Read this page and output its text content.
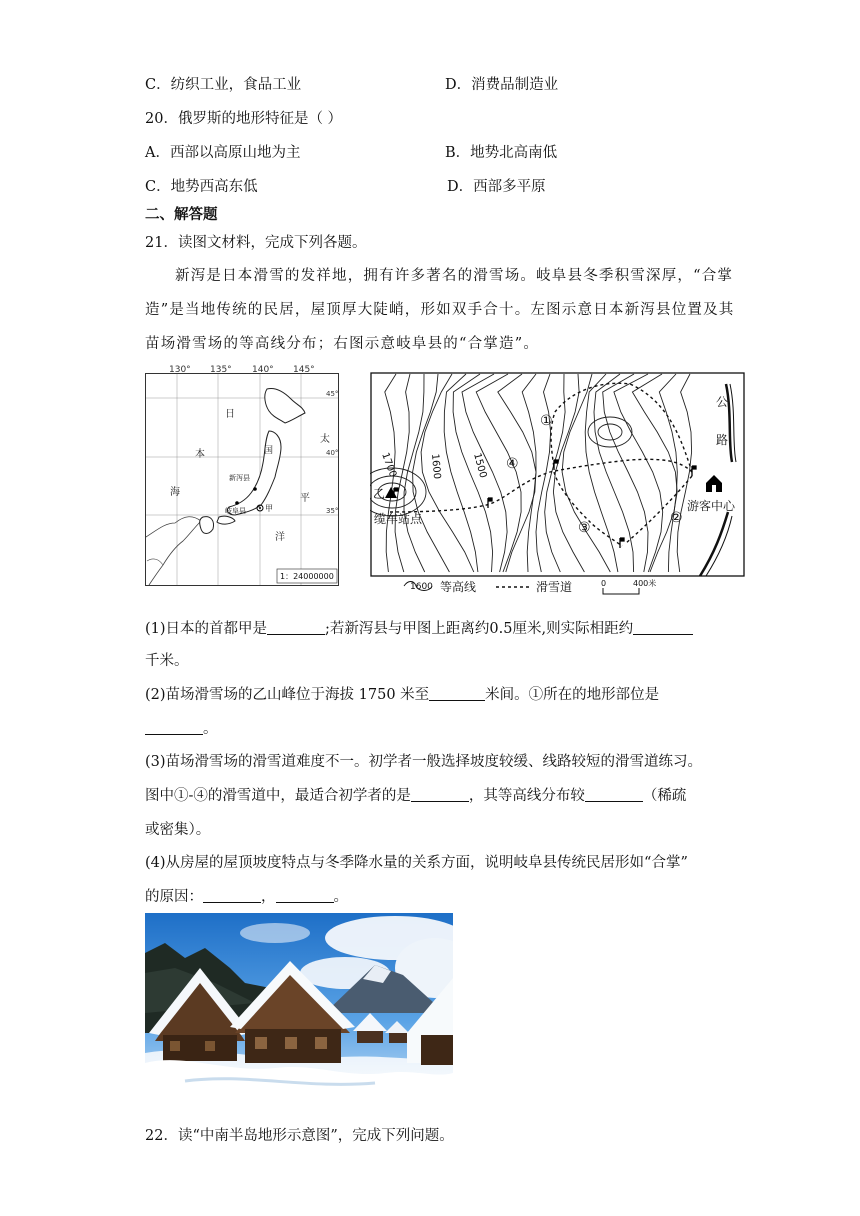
C．纺织工业，食品工业	D．消费品制造业
20．俄罗斯的地形特征是（ ）
A．西部以高原山地为主	B．地势北高南低
C．地势西高东低	D．西部多平原
二、解答题
21．读图文材料，完成下列各题。
新泻是日本滑雪的发祥地，拥有许多著名的滑雪场。岐阜县冬季积雪深厚，“合掌
造”是当地传统的民居，屋顶厚大陡峭，形如双手合十。左图示意日本新泻县位置及其
苗场滑雪场的等高线分布；右图示意岐阜县的“合掌造”。
130° 135° 140° 145°
45°
40°
35°
新泻县
岐阜县 甲
日
本
海
国
太
平
洋
1：24000000
公
路
①
②
③
④
1700	1600	1500
乙
缆车站点
游客中心
1600 等高线	滑雪道	0	400米
(1)日本的首都甲是	;若新泻县与甲图上距离约0.5厘米,则实际相距约
千米。
(2)苗场滑雪场的乙山峰位于海拔 1750 米至	米间。①所在的地形部位是
。
(3)苗场滑雪场的滑雪道难度不一。初学者一般选择坡度较缓、线路较短的滑雪道练习。
图中①-④的滑雪道中，最适合初学者的是	，其等高线分布较	（稀疏
或密集）。
(4)从房屋的屋顶坡度特点与冬季降水量的关系方面，说明岐阜县传统民居形如“合掌”
的原因：	，	。
22．读“中南半岛地形示意图”，完成下列问题。
